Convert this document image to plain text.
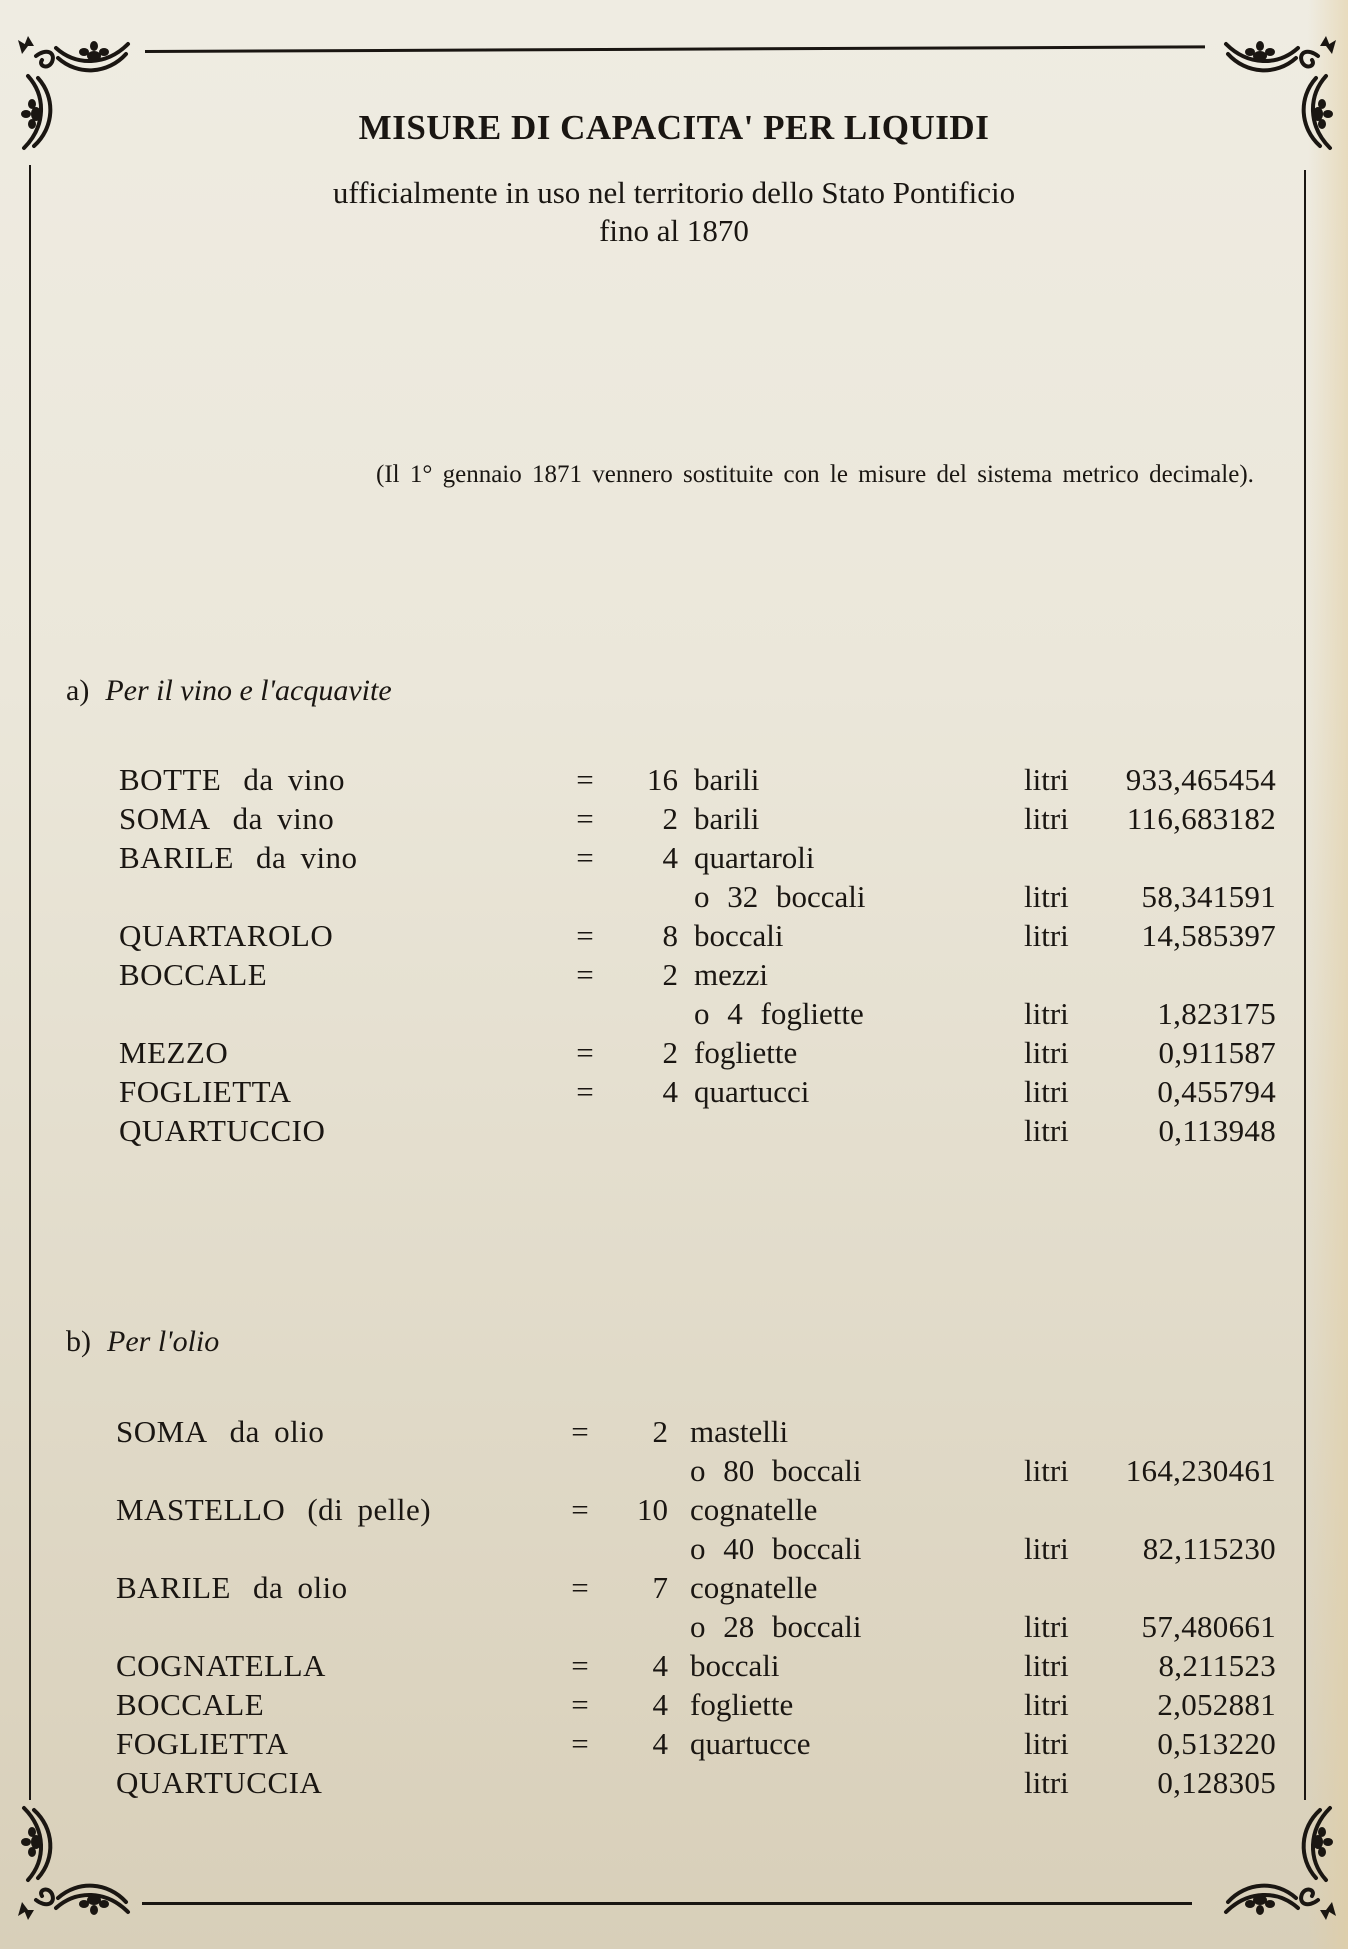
MISURE DI CAPACITA' PER LIQUIDI
ufficialmente in uso nel territorio dello Stato Pontificio
fino al 1870
(Il 1° gennaio 1871 vennero sostituite con le misure del sistema metrico decimale).
a) Per il vino e l'acquavite
BOTTE da vino	=	16 barili	litri	933,465454
SOMA da vino	=	2 barili	litri	116,683182
BARILE da vino	=	4 quartaroli
o 32 boccali	litri	58,341591
QUARTAROLO	=	8 boccali	litri	14,585397
BOCCALE	=	2 mezzi
o 4 fogliette	litri	1,823175
MEZZO	=	2 fogliette	litri	0,911587
FOGLIETTA	=	4 quartucci	litri	0,455794
QUARTUCCIO	litri	0,113948
b) Per l'olio
SOMA da olio	=	2 mastelli
o 80 boccali	litri	164,230461
MASTELLO (di pelle)	=	10 cognatelle
o 40 boccali	litri	82,115230
BARILE da olio	=	7 cognatelle
o 28 boccali	litri	57,480661
COGNATELLA	=	4 boccali	litri	8,211523
BOCCALE	=	4 fogliette	litri	2,052881
FOGLIETTA	=	4 quartucce	litri	0,513220
QUARTUCCIA	litri	0,128305
